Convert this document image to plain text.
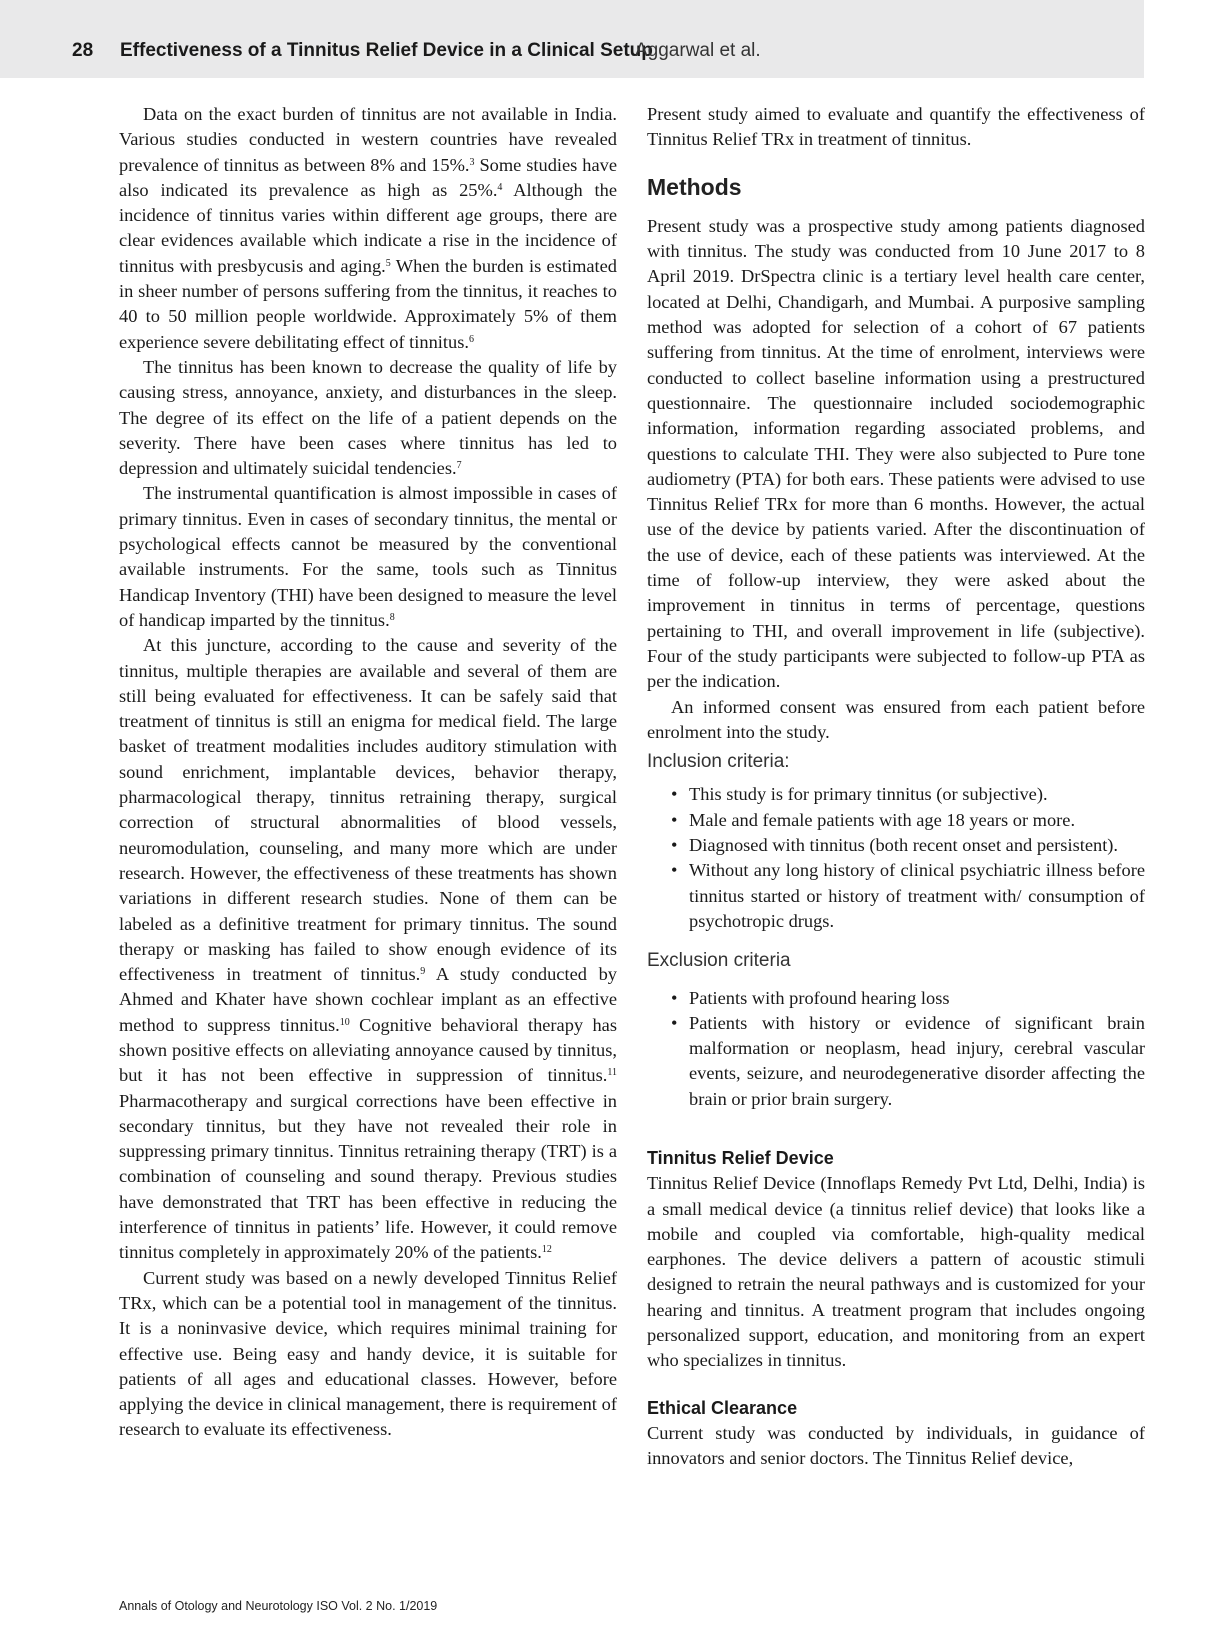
28 Effectiveness of a Tinnitus Relief Device in a Clinical Setup
Aggarwal et al.

Data on the exact burden of tinnitus are not available in India. Various studies conducted in western countries have revealed prevalence of tinnitus as between 8% and 15%.$^3$ Some studies have also indicated its prevalence as high as 25%.$^4$ Although the incidence of tinnitus varies within different age groups, there are clear evidences available which indicate a rise in the incidence of tinnitus with presbycusis and aging.$^5$ When the burden is estimated in sheer number of persons suffering from the tinnitus, it reaches to 40 to 50 million people worldwide. Approximately 5% of them experience severe debilitating effect of tinnitus.$^6$

The tinnitus has been known to decrease the quality of life by causing stress, annoyance, anxiety, and disturbances in the sleep. The degree of its effect on the life of a patient depends on the severity. There have been cases where tinnitus has led to depression and ultimately suicidal tendencies.$^7$

The instrumental quantification is almost impossible in cases of primary tinnitus. Even in cases of secondary tinnitus, the mental or psychological effects cannot be measured by the conventional available instruments. For the same, tools such as Tinnitus Handicap Inventory (THI) have been designed to measure the level of handicap imparted by the tinnitus.$^8$

At this juncture, according to the cause and severity of the tinnitus, multiple therapies are available and several of them are still being evaluated for effectiveness. It can be safely said that treatment of tinnitus is still an enigma for medical field. The large basket of treatment modalities includes auditory stimulation with sound enrichment, implantable devices, behavior therapy, pharmacological therapy, tinnitus retraining therapy, surgical correction of structural abnormalities of blood vessels, neuromodulation, counseling, and many more which are under research. However, the effectiveness of these treatments has shown variations in different research studies. None of them can be labeled as a definitive treatment for primary tinnitus. The sound therapy or masking has failed to show enough evidence of its effectiveness in treatment of tinnitus.$^9$ A study conducted by Ahmed and Khater have shown cochlear implant as an effective method to suppress tinnitus.$^{10}$ Cognitive behavioral therapy has shown positive effects on alleviating annoyance caused by tinnitus, but it has not been effective in suppression of tinnitus.$^{11}$ Pharmacotherapy and surgical corrections have been effective in secondary tinnitus, but they have not revealed their role in suppressing primary tinnitus. Tinnitus retraining therapy (TRT) is a combination of counseling and sound therapy. Previous studies have demonstrated that TRT has been effective in reducing the interference of tinnitus in patients’ life. However, it could remove tinnitus completely in approximately 20% of the patients.$^{12}$

Current study was based on a newly developed Tinnitus Relief TRx, which can be a potential tool in management of the tinnitus. It is a noninvasive device, which requires minimal training for effective use. Being easy and handy device, it is suitable for patients of all ages and educational classes. However, before applying the device in clinical management, there is requirement of research to evaluate its effectiveness.

Present study aimed to evaluate and quantify the effectiveness of Tinnitus Relief TRx in treatment of tinnitus.

Methods

Present study was a prospective study among patients diagnosed with tinnitus. The study was conducted from 10 June 2017 to 8 April 2019. DrSpectra clinic is a tertiary level health care center, located at Delhi, Chandigarh, and Mumbai. A purposive sampling method was adopted for selection of a cohort of 67 patients suffering from tinnitus. At the time of enrolment, interviews were conducted to collect baseline information using a prestructured questionnaire. The questionnaire included sociodemographic information, information regarding associated problems, and questions to calculate THI. They were also subjected to Pure tone audiometry (PTA) for both ears. These patients were advised to use Tinnitus Relief TRx for more than 6 months. However, the actual use of the device by patients varied. After the discontinuation of the use of device, each of these patients was interviewed. At the time of follow-up interview, they were asked about the improvement in tinnitus in terms of percentage, questions pertaining to THI, and overall improvement in life (subjective). Four of the study participants were subjected to follow-up PTA as per the indication.

An informed consent was ensured from each patient before enrolment into the study.

Inclusion criteria:
• This study is for primary tinnitus (or subjective).
• Male and female patients with age 18 years or more.
• Diagnosed with tinnitus (both recent onset and persistent).
• Without any long history of clinical psychiatric illness before tinnitus started or history of treatment with/ consumption of psychotropic drugs.
Exclusion criteria
• Patients with profound hearing loss
• Patients with history or evidence of significant brain malformation or neoplasm, head injury, cerebral vascular events, seizure, and neurodegenerative disorder affecting the brain or prior brain surgery.
Tinnitus Relief Device

Tinnitus Relief Device (Innoflaps Remedy Pvt Ltd, Delhi, India) is a small medical device (a tinnitus relief device) that looks like a mobile and coupled via comfortable, high-quality medical earphones. The device delivers a pattern of acoustic stimuli designed to retrain the neural pathways and is customized for your hearing and tinnitus. A treatment program that includes ongoing personalized support, education, and monitoring from an expert who specializes in tinnitus.

Ethical Clearance

Current study was conducted by individuals, in guidance of innovators and senior doctors. The Tinnitus Relief device,

Annals of Otology and Neurotology ISO Vol. 2 No. 1/2019
